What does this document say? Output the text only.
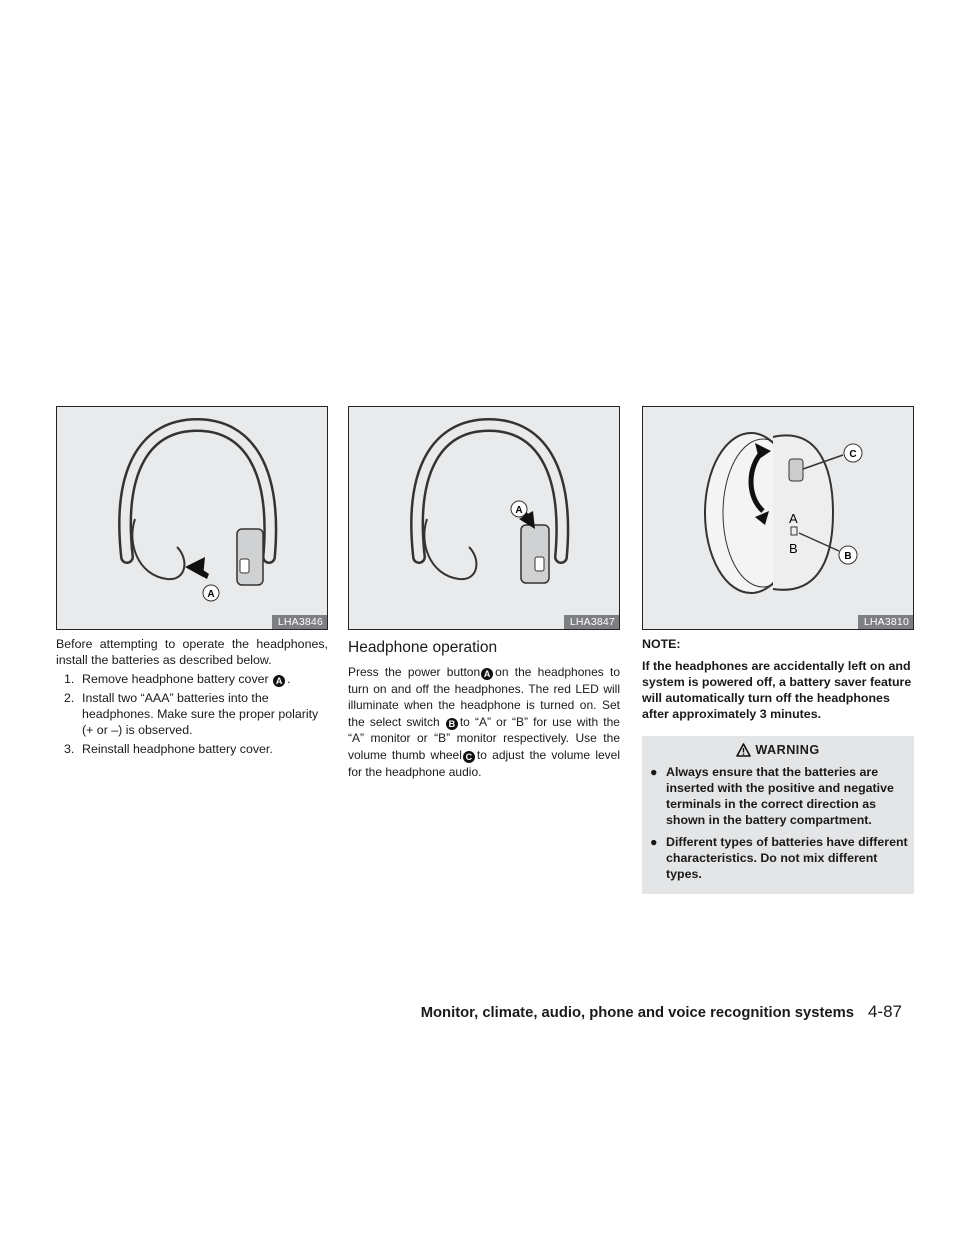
A
LHA3846
A
LHA3847
A
B
C
B
LHA3810

Before attempting to operate the headphones, install the batteries as described below.

1. Remove headphone battery cover A .
2. Install two “AAA” batteries into the headphones. Make sure the proper polarity (+ or –) is observed.
3. Reinstall headphone battery cover.
Headphone operation

Press the power button A on the headphones to turn on and off the headphones. The red LED will illuminate when the headphone is turned on. Set the select switch B to “A” or “B” for use with the “A” monitor or “B” monitor respectively. Use the volume thumb wheel C to adjust the volume level for the headphone audio.

NOTE:

If the headphones are accidentally left on and system is powered off, a battery saver feature will automatically turn off the headphones after approximately 3 minutes.

WARNING
● Always ensure that the batteries are inserted with the positive and negative terminals in the correct direction as shown in the battery compartment.
● Different types of batteries have different characteristics. Do not mix different types.
Monitor, climate, audio, phone and voice recognition systems 4-87
